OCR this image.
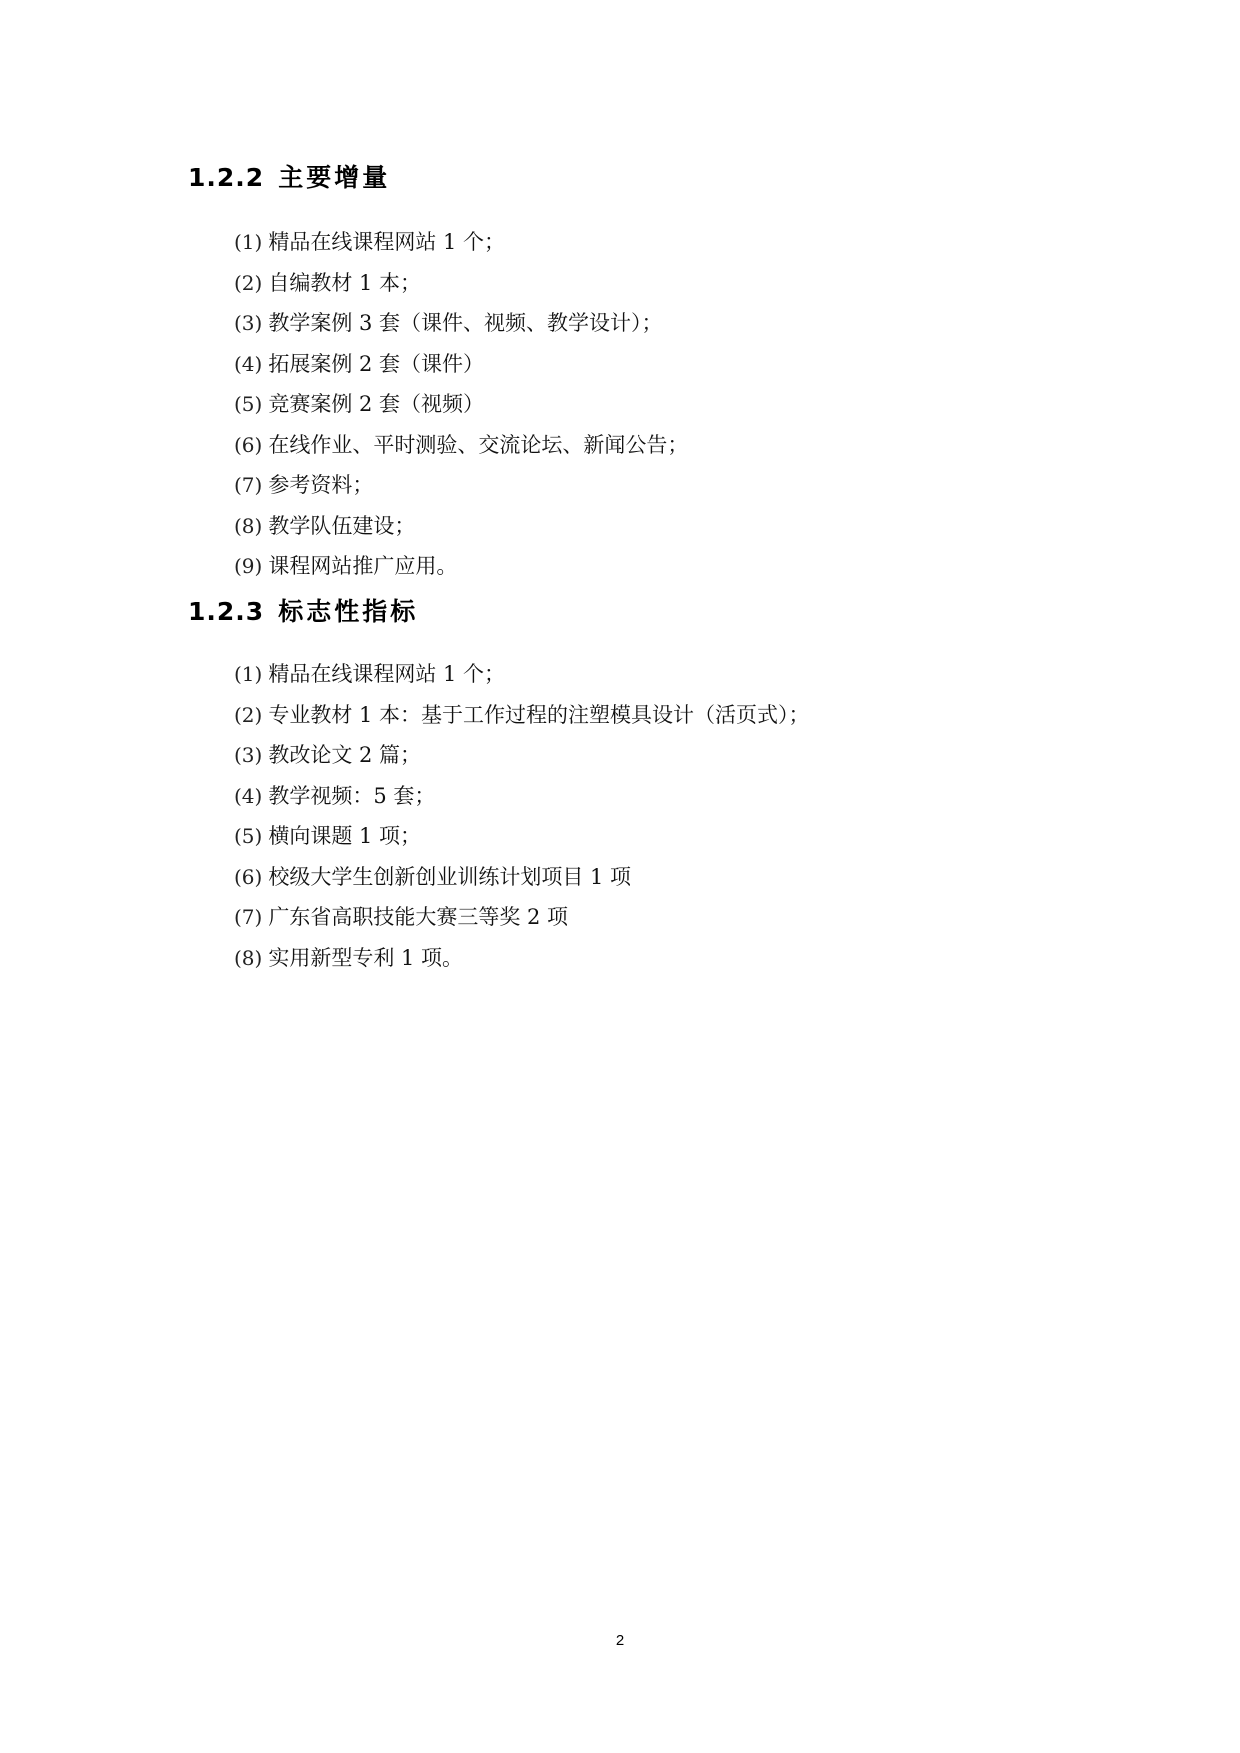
1.2.2 主要增量
(1) 精品在线课程网站 1 个；
(2) 自编教材 1 本；
(3) 教学案例 3 套（课件、视频、教学设计）；
(4) 拓展案例 2 套（课件）
(5) 竞赛案例 2 套（视频）
(6) 在线作业、平时测验、交流论坛、新闻公告；
(7) 参考资料；
(8) 教学队伍建设；
(9) 课程网站推广应用。
1.2.3 标志性指标
(1) 精品在线课程网站 1 个；
(2) 专业教材 1 本：基于工作过程的注塑模具设计（活页式）；
(3) 教改论文 2 篇；
(4) 教学视频：5 套；
(5) 横向课题 1 项；
(6) 校级大学生创新创业训练计划项目 1 项
(7) 广东省高职技能大赛三等奖 2 项
(8) 实用新型专利 1 项。
2
